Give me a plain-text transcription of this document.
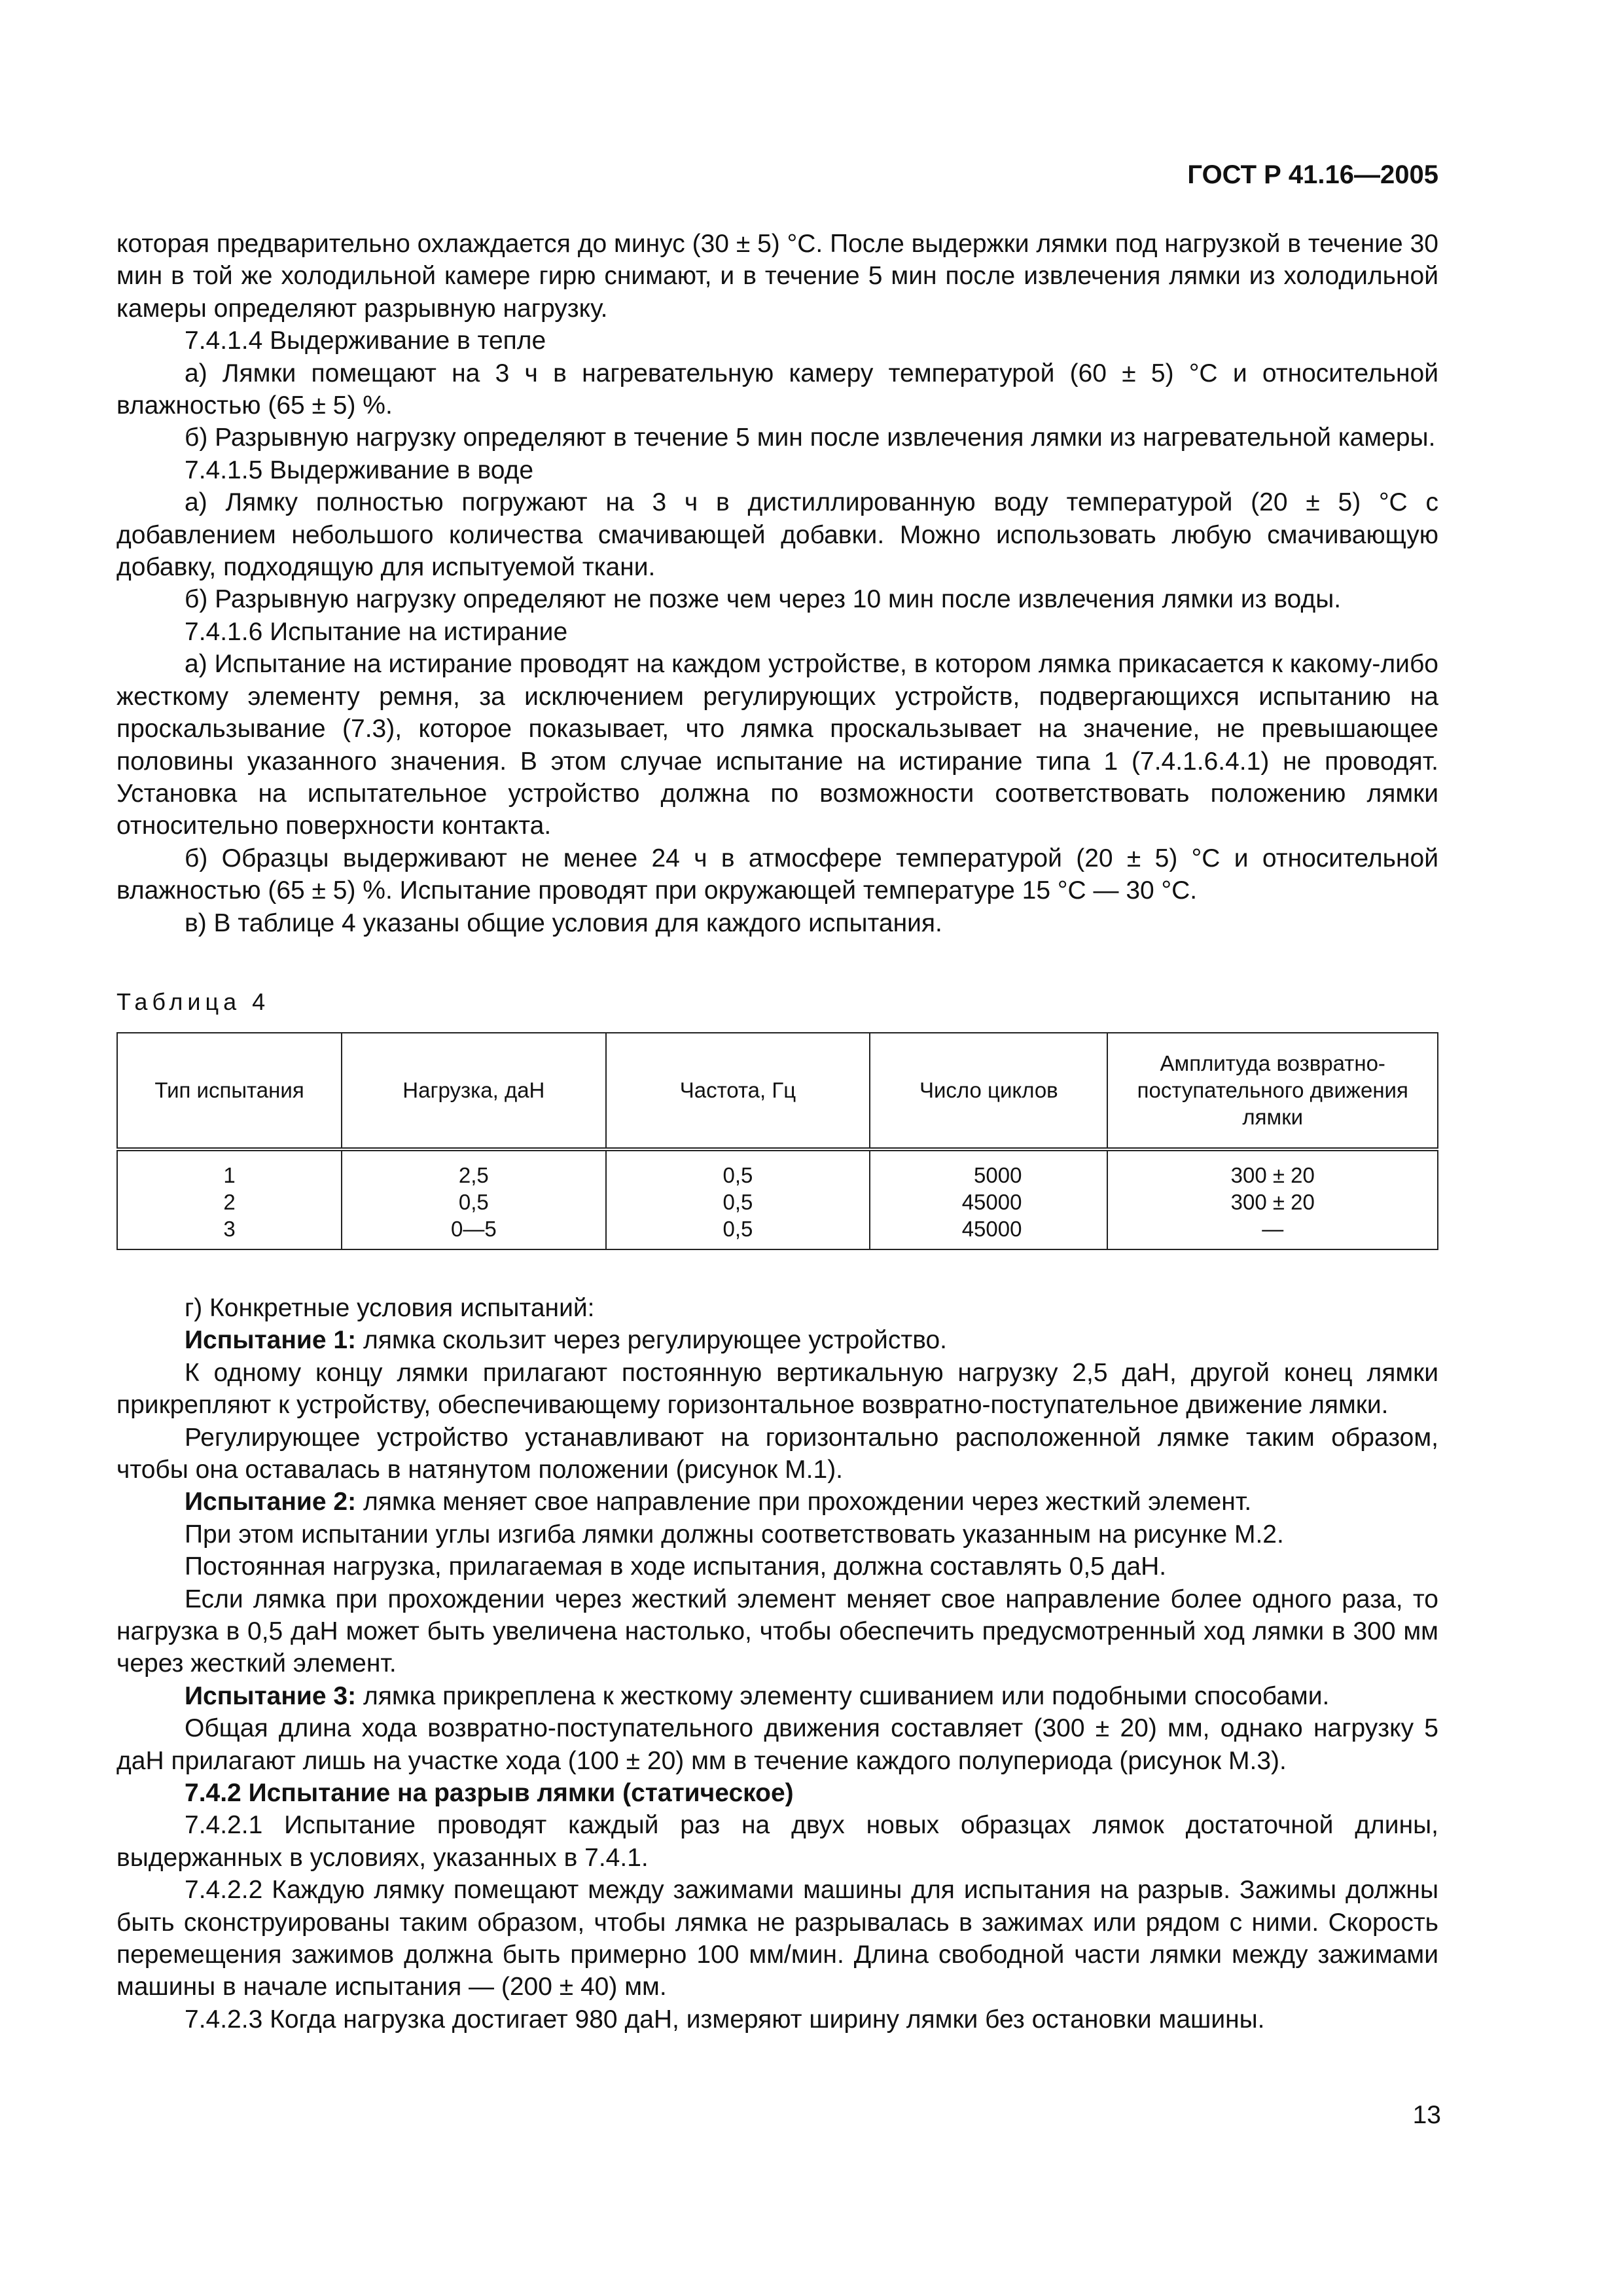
ГОСТ Р 41.16—2005

которая предварительно охлаждается до минус (30 ± 5) °С. После выдержки лямки под нагрузкой в течение 30 мин в той же холодильной камере гирю снимают, и в течение 5 мин после извлечения лямки из холодильной камеры определяют разрывную нагрузку.

7.4.1.4 Выдерживание в тепле

а) Лямки помещают на 3 ч в нагревательную камеру температурой (60 ± 5) °С и относительной влажностью (65 ± 5) %.

б) Разрывную нагрузку определяют в течение 5 мин после извлечения лямки из нагревательной камеры.

7.4.1.5 Выдерживание в воде

а) Лямку полностью погружают на 3 ч в дистиллированную воду температурой (20 ± 5) °С с добавлением небольшого количества смачивающей добавки. Можно использовать любую смачивающую добавку, подходящую для испытуемой ткани.

б) Разрывную нагрузку определяют не позже чем через 10 мин после извлечения лямки из воды.

7.4.1.6 Испытание на истирание

а) Испытание на истирание проводят на каждом устройстве, в котором лямка прикасается к какому-либо жесткому элементу ремня, за исключением регулирующих устройств, подвергающихся испытанию на проскальзывание (7.3), которое показывает, что лямка проскальзывает на значение, не превышающее половины указанного значения. В этом случае испытание на истирание типа 1 (7.4.1.6.4.1) не проводят. Установка на испытательное устройство должна по возможности соответствовать положению лямки относительно поверхности контакта.

б) Образцы выдерживают не менее 24 ч в атмосфере температурой (20 ± 5) °С и относительной влажностью (65 ± 5) %. Испытание проводят при окружающей температуре 15 °С — 30 °С.

в) В таблице 4 указаны общие условия для каждого испытания.

Таблица 4
Тип испытания	Нагрузка, даН	Частота, Гц	Число циклов	Амплитуда возвратно-поступательного движения лямки
1	2,5	0,5	5000	300 ± 20
2	0,5	0,5	45000	300 ± 20
3	0—5	0,5	45000	—

г) Конкретные условия испытаний:

Испытание 1: лямка скользит через регулирующее устройство.

К одному концу лямки прилагают постоянную вертикальную нагрузку 2,5 даН, другой конец лямки прикрепляют к устройству, обеспечивающему горизонтальное возвратно-поступательное движение лямки.

Регулирующее устройство устанавливают на горизонтально расположенной лямке таким образом, чтобы она оставалась в натянутом положении (рисунок М.1).

Испытание 2: лямка меняет свое направление при прохождении через жесткий элемент.

При этом испытании углы изгиба лямки должны соответствовать указанным на рисунке М.2.

Постоянная нагрузка, прилагаемая в ходе испытания, должна составлять 0,5 даН.

Если лямка при прохождении через жесткий элемент меняет свое направление более одного раза, то нагрузка в 0,5 даН может быть увеличена настолько, чтобы обеспечить предусмотренный ход лямки в 300 мм через жесткий элемент.

Испытание 3: лямка прикреплена к жесткому элементу сшиванием или подобными способами.

Общая длина хода возвратно-поступательного движения составляет (300 ± 20) мм, однако нагрузку 5 даН прилагают лишь на участке хода (100 ± 20) мм в течение каждого полупериода (рисунок М.3).

7.4.2 Испытание на разрыв лямки (статическое)

7.4.2.1 Испытание проводят каждый раз на двух новых образцах лямок достаточной длины, выдержанных в условиях, указанных в 7.4.1.

7.4.2.2 Каждую лямку помещают между зажимами машины для испытания на разрыв. Зажимы должны быть сконструированы таким образом, чтобы лямка не разрывалась в зажимах или рядом с ними. Скорость перемещения зажимов должна быть примерно 100 мм/мин. Длина свободной части лямки между зажимами машины в начале испытания — (200 ± 40) мм.

7.4.2.3 Когда нагрузка достигает 980 даН, измеряют ширину лямки без остановки машины.

13
